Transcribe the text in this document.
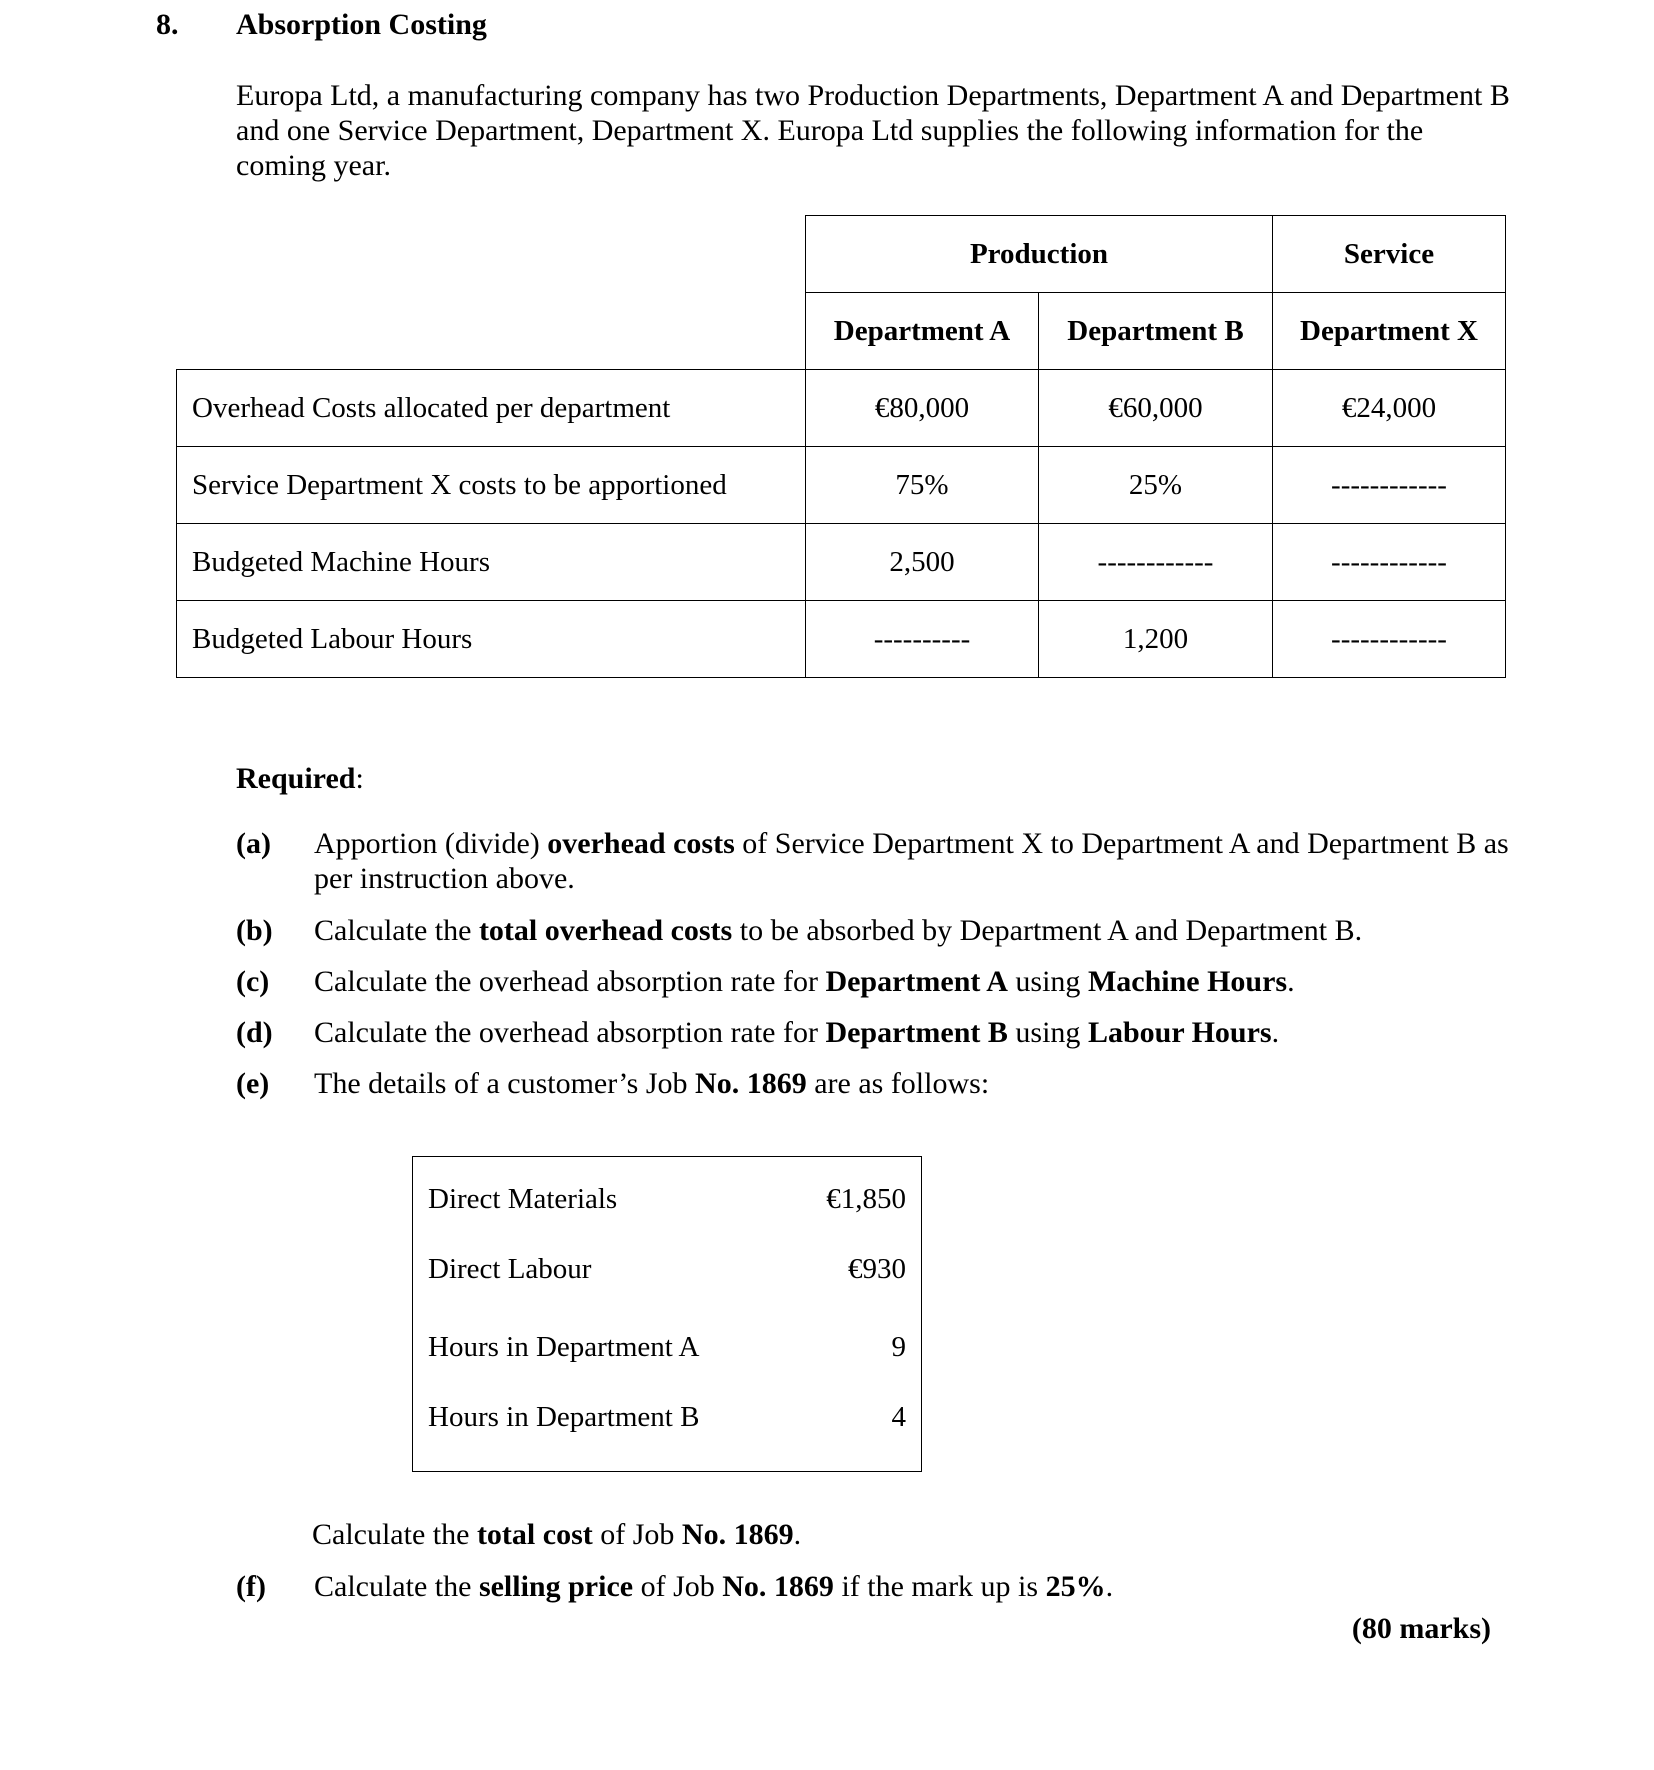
8. Absorption Costing

Europa Ltd, a manufacturing company has two Production Departments, Department A and Department B and one Service Department, Department X. Europa Ltd supplies the following information for the coming year.

	Production		Service
	Department A	Department B	Department X
Overhead Costs allocated per department	€80,000	€60,000	€24,000
Service Department X costs to be apportioned	75%	25%	------------
Budgeted Machine Hours	2,500	------------	------------
Budgeted Labour Hours	----------	1,200	------------
Required:
(a) Apportion (divide) overhead costs of Service Department X to Department A and Department B as per instruction above.
(b) Calculate the total overhead costs to be absorbed by Department A and Department B.
(c) Calculate the overhead absorption rate for Department A using Machine Hours.
(d) Calculate the overhead absorption rate for Department B using Labour Hours.
(e) The details of a customer’s Job No. 1869 are as follows:
Direct Materials	€1,850
Direct Labour	€930
Hours in Department A	9
Hours in Department B	4
Calculate the total cost of Job No. 1869.
(f) Calculate the selling price of Job No. 1869 if the mark up is 25%.
(80 marks)
